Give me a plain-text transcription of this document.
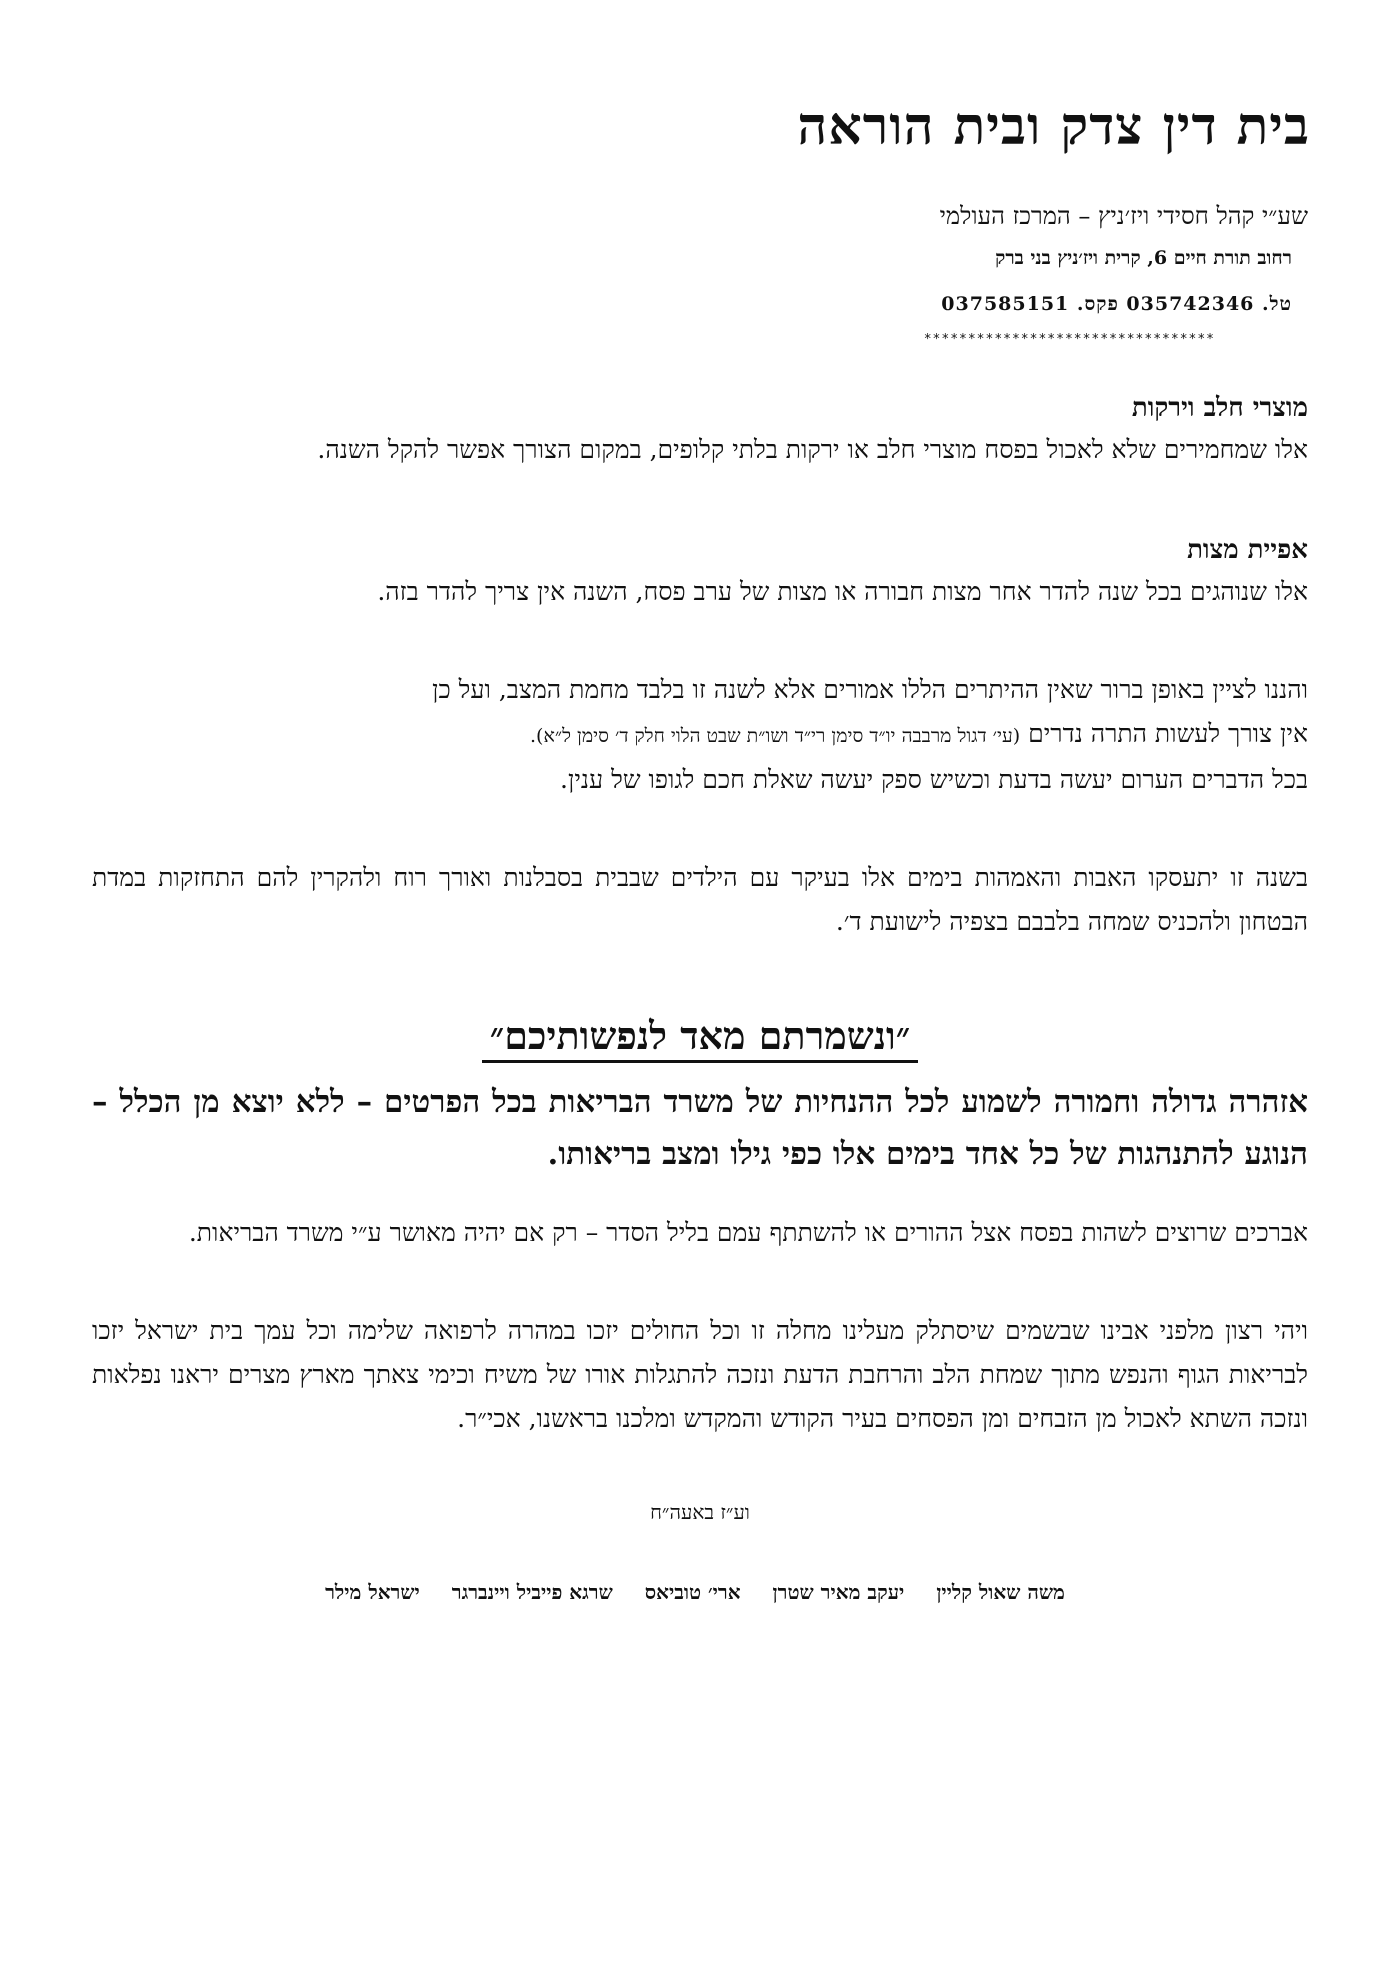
בית דין צדק ובית הוראה
שע״י קהל חסידי ויז׳ניץ – המרכז העולמי
רחוב תורת חיים 6, קרית ויז׳ניץ בני ברק
טל. 035742346 פקס. 037585151
*********************************

מוצרי חלב וירקות

אלו שמחמירים שלא לאכול בפסח מוצרי חלב או ירקות בלתי קלופים, במקום הצורך אפשר להקל השנה.

אפיית מצות

אלו שנוהגים בכל שנה להדר אחר מצות חבורה או מצות של ערב פסח, השנה אין צריך להדר בזה.

והננו לציין באופן ברור שאין ההיתרים הללו אמורים אלא לשנה זו בלבד מחמת המצב, ועל כן

אין צורך לעשות התרה נדרים (עי׳ דגול מרבבה יו״ד סימן רי״ד ושו״ת שבט הלוי חלק ד׳ סימן ל״א).

בכל הדברים הערום יעשה בדעת וכשיש ספק יעשה שאלת חכם לגופו של ענין.

בשנה זו יתעסקו האבות והאמהות בימים אלו בעיקר עם הילדים שבבית בסבלנות ואורך רוח ולהקרין להם התחזקות במדת הבטחון ולהכניס שמחה בלבבם בצפיה לישועת ד׳.

״ונשמרתם מאד לנפשותיכם״

אזהרה גדולה וחמורה לשמוע לכל ההנחיות של משרד הבריאות בכל הפרטים – ללא יוצא מן הכלל – הנוגע להתנהגות של כל אחד בימים אלו כפי גילו ומצב בריאותו.

אברכים שרוצים לשהות בפסח אצל ההורים או להשתתף עמם בליל הסדר – רק אם יהיה מאושר ע״י משרד הבריאות.

ויהי רצון מלפני אבינו שבשמים שיסתלק מעלינו מחלה זו וכל החולים יזכו במהרה לרפואה שלימה וכל עמך בית ישראל יזכו לבריאות הגוף והנפש מתוך שמחת הלב והרחבת הדעת ונזכה להתגלות אורו של משיח וכימי צאתך מארץ מצרים יראנו נפלאות ונזכה השתא לאכול מן הזבחים ומן הפסחים בעיר הקודש והמקדש ומלכנו בראשנו, אכי״ר.

וע״ז באעה״ח
משה שאול קליין
יעקב מאיר שטרן
ארי׳ טוביאס
שרגא פייביל ויינברגר
ישראל מילר
